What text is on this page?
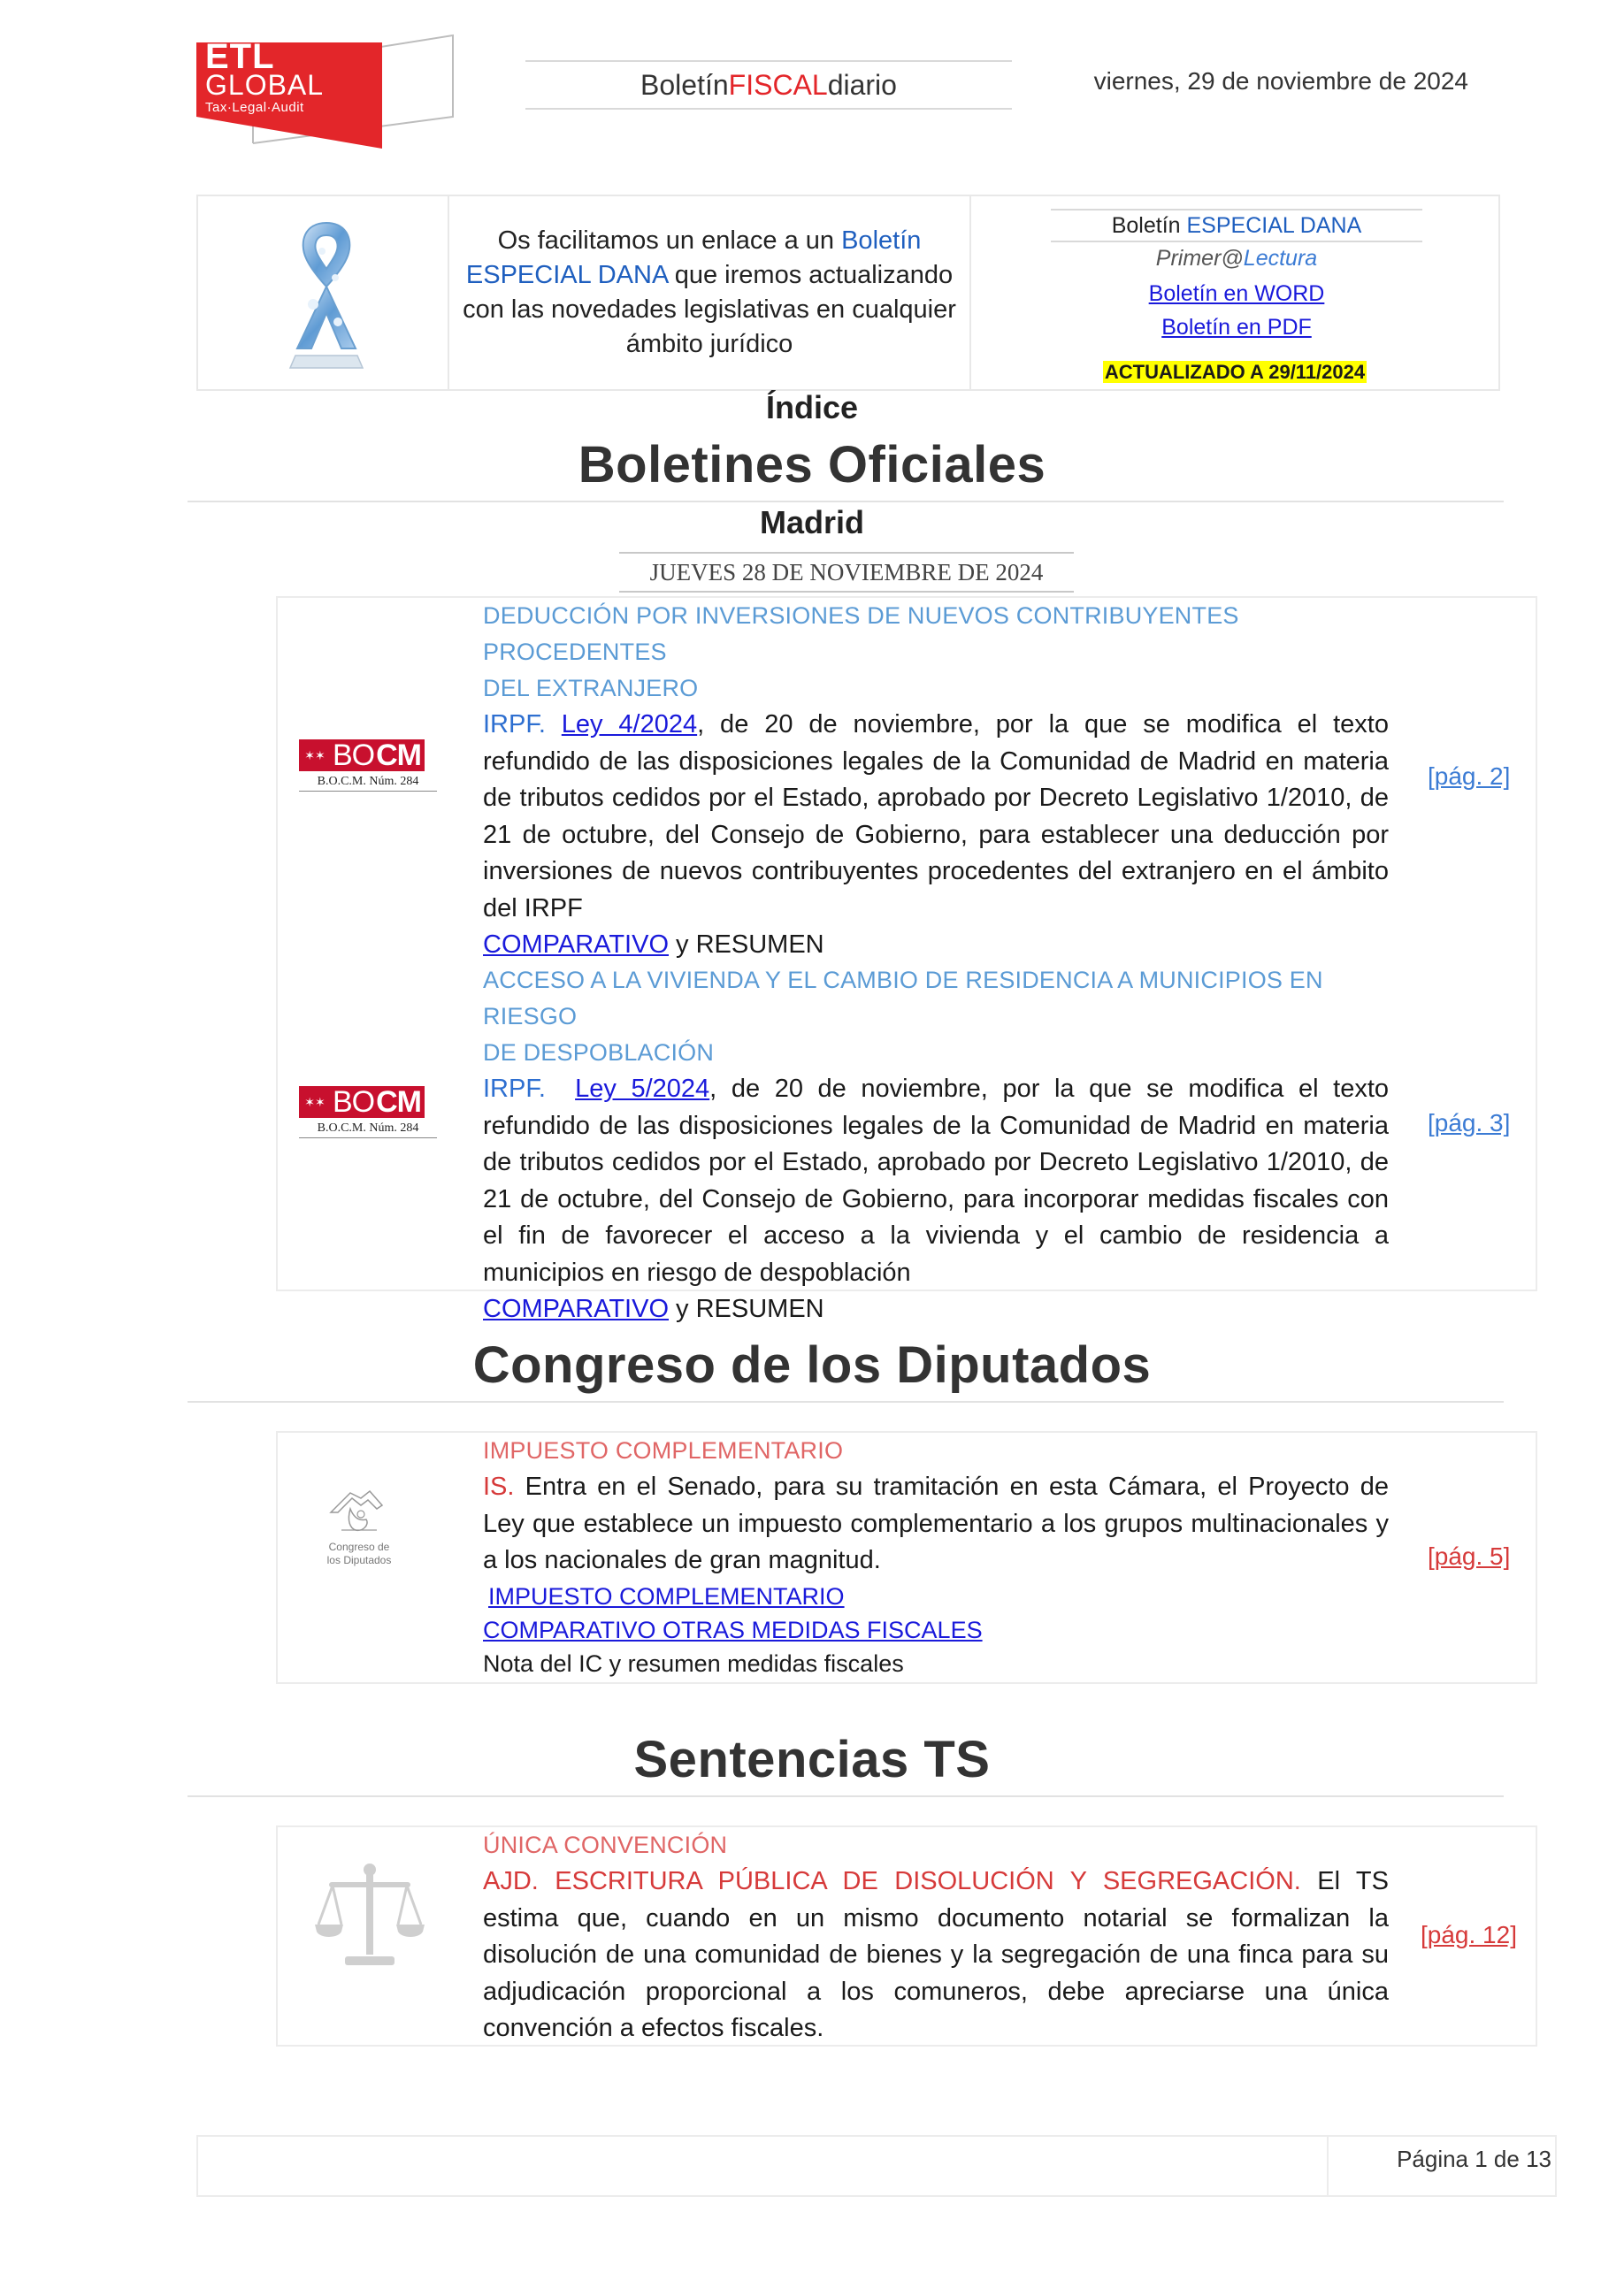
ETL
GLOBAL
Tax·Legal·Audit
Boletín FISCAL diario	viernes, 29 de noviembre de 2024
Os facilitamos un enlace a un Boletín ESPECIAL DANA que iremos actualizando con las novedades legislativas en cualquier ámbito jurídico
Boletín ESPECIAL DANA
Primer@Lectura
Boletín en WORD
Boletín en PDF
ACTUALIZADO A 29/11/2024
Índice
Boletines Oficiales
Madrid
JUEVES 28 DE NOVIEMBRE DE 2024
✶✶ BO CM
B.O.C.M. Núm. 284
DEDUCCIÓN POR INVERSIONES DE NUEVOS CONTRIBUYENTES PROCEDENTES
DEL EXTRANJERO
IRPF. Ley 4/2024, de 20 de noviembre, por la que se modifica el texto refundido de las disposiciones legales de la Comunidad de Madrid en materia de tributos cedidos por el Estado, aprobado por Decreto Legislativo 1/2010, de 21 de octubre, del Consejo de Gobierno, para establecer una deducción por inversiones de nuevos contribuyentes procedentes del extranjero en el ámbito del IRPF
COMPARATIVO y RESUMEN
[pág. 2]
✶✶ BO CM
B.O.C.M. Núm. 284
ACCESO A LA VIVIENDA Y EL CAMBIO DE RESIDENCIA A MUNICIPIOS EN RIESGO
DE DESPOBLACIÓN
IRPF.  Ley 5/2024, de 20 de noviembre, por la que se modifica el texto refundido de las disposiciones legales de la Comunidad de Madrid en materia de tributos cedidos por el Estado, aprobado por Decreto Legislativo 1/2010, de 21 de octubre, del Consejo de Gobierno, para incorporar medidas fiscales con el fin de favorecer el acceso a la vivienda y el cambio de residencia a municipios en riesgo de despoblación
COMPARATIVO y RESUMEN
[pág. 3]
Congreso de los Diputados
Congreso de
los Diputados
IMPUESTO COMPLEMENTARIO
IS. Entra en el Senado, para su tramitación en esta Cámara, el Proyecto de Ley que establece un impuesto complementario a los grupos multinacionales y a los nacionales de gran magnitud.
IMPUESTO COMPLEMENTARIO
COMPARATIVO OTRAS MEDIDAS FISCALES
Nota del IC y resumen medidas fiscales
[pág. 5]
Sentencias TS
ÚNICA CONVENCIÓN
AJD. ESCRITURA PÚBLICA DE DISOLUCIÓN Y SEGREGACIÓN. El TS estima que, cuando en un mismo documento notarial se formalizan la disolución de una comunidad de bienes y la segregación de una finca para su adjudicación proporcional a los comuneros, debe apreciarse una única convención a efectos fiscales.
[pág. 12]
Página 1 de 13
